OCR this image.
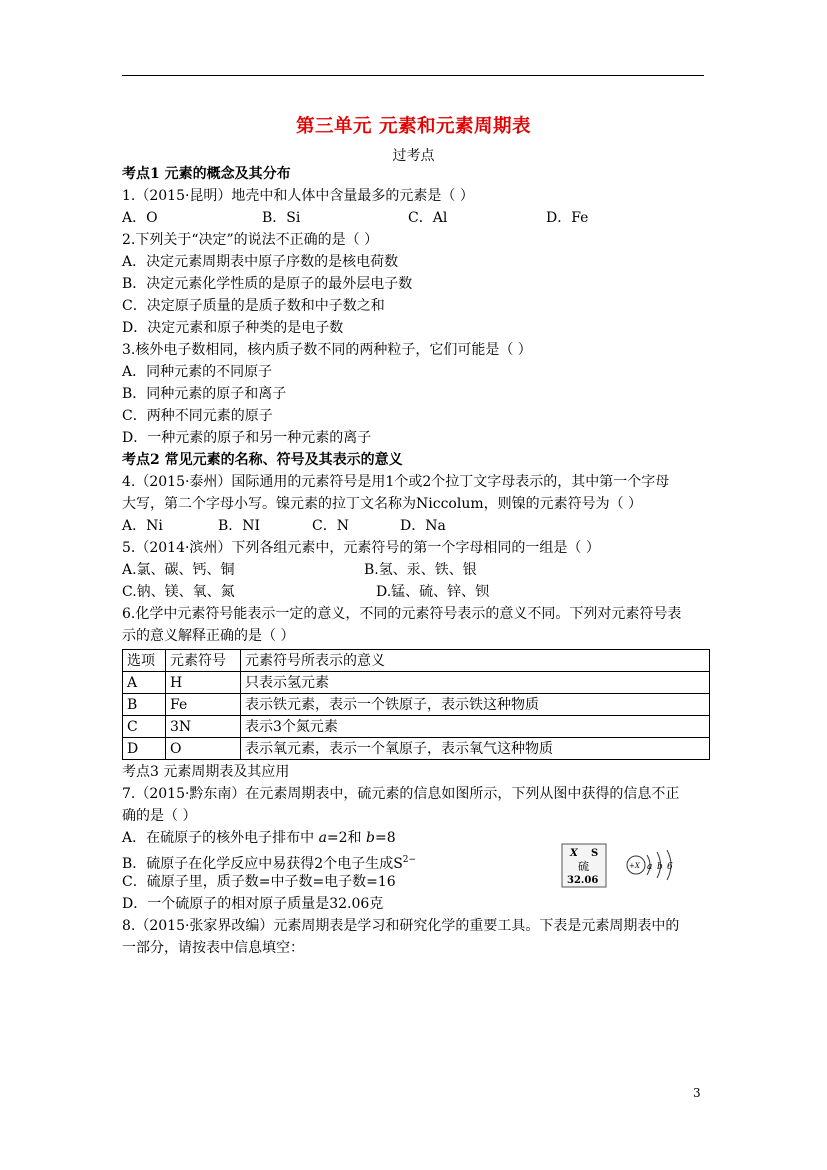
第三单元 元素和元素周期表
过考点
考点1 元素的概念及其分布
1.（2015·昆明）地壳中和人体中含量最多的元素是（ ）
A．O	B．Si	C．Al	D．Fe
2.下列关于“决定”的说法不正确的是（ ）
A．决定元素周期表中原子序数的是核电荷数
B．决定元素化学性质的是原子的最外层电子数
C．决定原子质量的是质子数和中子数之和
D．决定元素和原子种类的是电子数
3.核外电子数相同，核内质子数不同的两种粒子，它们可能是（ ）
A．同种元素的不同原子
B．同种元素的原子和离子
C．两种不同元素的原子
D．一种元素的原子和另一种元素的离子
考点2 常见元素的名称、符号及其表示的意义
4.（2015·泰州）国际通用的元素符号是用1个或2个拉丁文字母表示的，其中第一个字母
大写，第二个字母小写。镍元素的拉丁文名称为Niccolum，则镍的元素符号为（ ）
A．Ni	B．NI	C．N	D．Na
5.（2014·滨州）下列各组元素中，元素符号的第一个字母相同的一组是（ ）
A.氯、碳、钙、铜	B.氢、汞、铁、银
C.钠、镁、氧、氮	D.锰、硫、锌、钡
6.化学中元素符号能表示一定的意义，不同的元素符号表示的意义不同。下列对元素符号表
示的意义解释正确的是（ ）
选项	元素符号	元素符号所表示的意义
A	H	只表示氢元素
B	Fe	表示铁元素，表示一个铁原子，表示铁这种物质
C	3N	表示3个氮元素
D	O	表示氧元素，表示一个氧原子，表示氧气这种物质
考点3 元素周期表及其应用
7.（2015·黔东南）在元素周期表中，硫元素的信息如图所示，下列从图中获得的信息不正
确的是（ ）
A．在硫原子的核外电子排布中 a=2和 b=8
B．硫原子在化学反应中易获得2个电子生成$S^{2-}$
C．硫原子里，质子数=中子数=电子数=16
D．一个硫原子的相对原子质量是32.06克
8.（2015·张家界改编）元素周期表是学习和研究化学的重要工具。下表是元素周期表中的
一部分，请按表中信息填空：
X S
硫
32.06
+X a b 6
3
